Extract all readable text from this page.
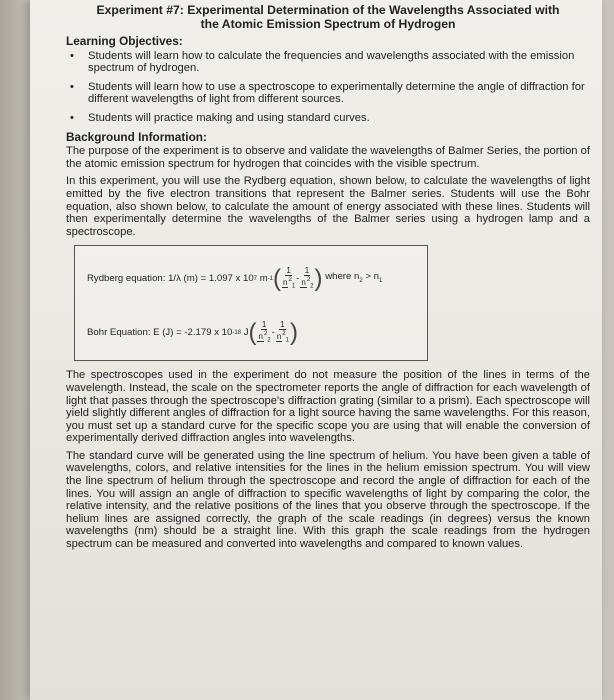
Experiment #7: Experimental Determination of the Wavelengths Associated with
the Atomic Emission Spectrum of Hydrogen
Learning Objectives:
• Students will learn how to calculate the frequencies and wavelengths associated with the emission spectrum of hydrogen.
• Students will learn how to use a spectroscope to experimentally determine the angle of diffraction for different wavelengths of light from different sources.
• Students will practice making and using standard curves.
Background Information:

The purpose of the experiment is to observe and validate the wavelengths of Balmer Series, the portion of the atomic emission spectrum for hydrogen that coincides with the visible spectrum.

In this experiment, you will use the Rydberg equation, shown below, to calculate the wavelengths of light emitted by the five electron transitions that represent the Balmer series. Students will use the Bohr equation, also shown below, to calculate the amount of energy associated with these lines. Students will then experimentally determine the wavelengths of the Balmer series using a hydrogen lamp and a spectroscope.

Rydberg equation:
1/λ (m) = 1.097 x 10 7
m -1 ( $\frac{1}{n^2_1} - \frac{1}{n^2_2}$ )
where $n_2 > n_1$
Bohr Equation:
E (J) = -2.179 x 10 -18
J ( $\frac{1}{n^2_2} - \frac{1}{n^2_1}$ )

The spectroscopes used in the experiment do not measure the position of the lines in terms of the wavelength. Instead, the scale on the spectrometer reports the angle of diffraction for each wavelength of light that passes through the spectroscope's diffraction grating (similar to a prism). Each spectroscope will yield slightly different angles of diffraction for a light source having the same wavelengths. For this reason, you must set up a standard curve for the specific scope you are using that will enable the conversion of experimentally derived diffraction angles into wavelengths.

The standard curve will be generated using the line spectrum of helium. You have been given a table of wavelengths, colors, and relative intensities for the lines in the helium emission spectrum. You will view the line spectrum of helium through the spectroscope and record the angle of diffraction for each of the lines. You will assign an angle of diffraction to specific wavelengths of light by comparing the color, the relative intensity, and the relative positions of the lines that you observe through the spectroscope. If the helium lines are assigned correctly, the graph of the scale readings (in degrees) versus the known wavelengths (nm) should be a straight line. With this graph the scale readings from the hydrogen spectrum can be measured and converted into wavelengths and compared to known values.
